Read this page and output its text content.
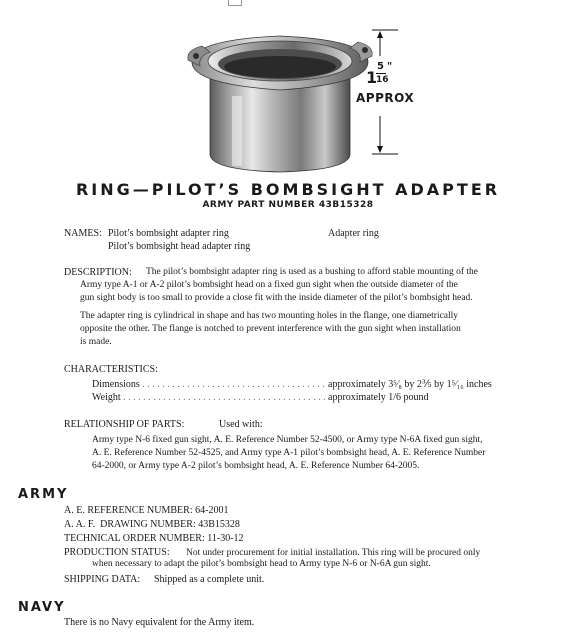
1
5 "
16
APPROX
RING—PILOT’S BOMBSIGHT ADAPTER
ARMY PART NUMBER 43B15328
NAMES: Pilot’s bombsight adapter ring
Pilot’s bombsight head adapter ring
Adapter ring
DESCRIPTION: The pilot’s bombsight adapter ring is used as a bushing to afford stable mounting of the
Army type A-1 or A-2 pilot’s bombsight head on a fixed gun sight when the outside diameter of the
gun sight body is too small to provide a close fit with the inside diameter of the pilot’s bombsight head.
The adapter ring is cylindrical in shape and has two mounting holes in the flange, one diametrically
opposite the other. The flange is notched to prevent interference with the gun sight when installation
is made.
CHARACTERISTICS:
Dimensions . . .	approximately 3⁵⁄₈ by 2⅗ by 1⁵⁄₁₆ inches
Weight . . .	approximately 1/6 pound
RELATIONSHIP OF PARTS:	Used with:
Army type N-6 fixed gun sight, A. E. Reference Number 52-4500, or Army type N-6A fixed gun sight,
A. E. Reference Number 52-4525, and Army type A-1 pilot’s bombsight head, A. E. Reference Number
64-2000, or Army type A-2 pilot’s bombsight head, A. E. Reference Number 64-2005.
ARMY
A. E. REFERENCE NUMBER: 64-2001
A. A. F.  DRAWING NUMBER: 43B15328
TECHNICAL ORDER NUMBER: 11-30-12
PRODUCTION STATUS: Not under procurement for initial installation. This ring will be procured only
when necessary to adapt the pilot’s bombsight head to Army type N-6 or N-6A gun sight.
SHIPPING DATA: Shipped as a complete unit.
NAVY
There is no Navy equivalent for the Army item.
